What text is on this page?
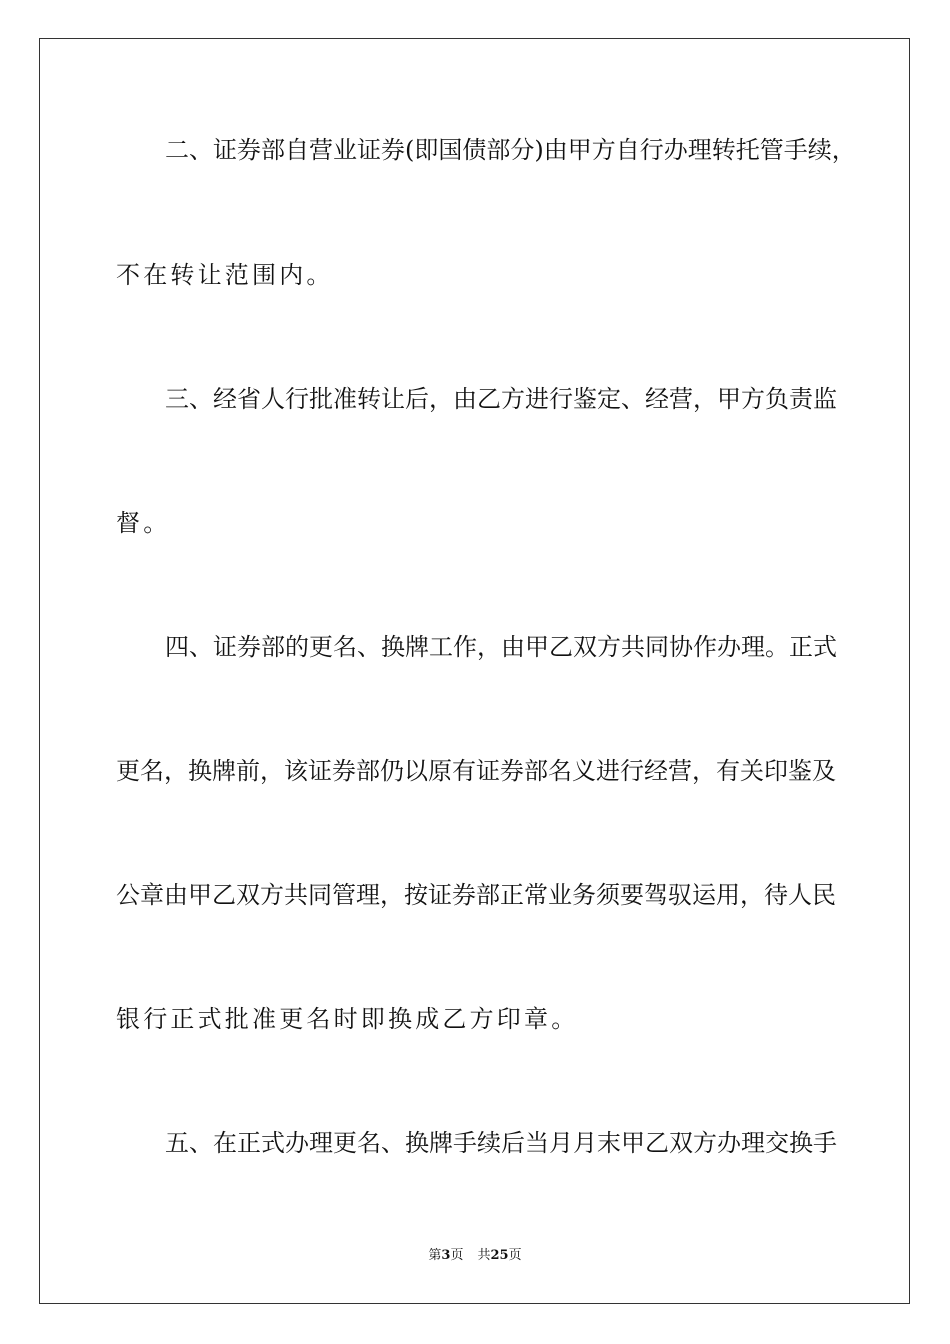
二、证券部自营业证券(即国债部分)由甲方自行办理转托管手续，
不在转让范围内。
三、经省人行批准转让后，由乙方进行鉴定、经营，甲方负责监
督。
四、证券部的更名、换牌工作，由甲乙双方共同协作办理。正式
更名，换牌前，该证券部仍以原有证券部名义进行经营，有关印鉴及
公章由甲乙双方共同管理，按证券部正常业务须要驾驭运用，待人民
银行正式批准更名时即换成乙方印章。
五、在正式办理更名、换牌手续后当月月末甲乙双方办理交换手
第3页 共25页
